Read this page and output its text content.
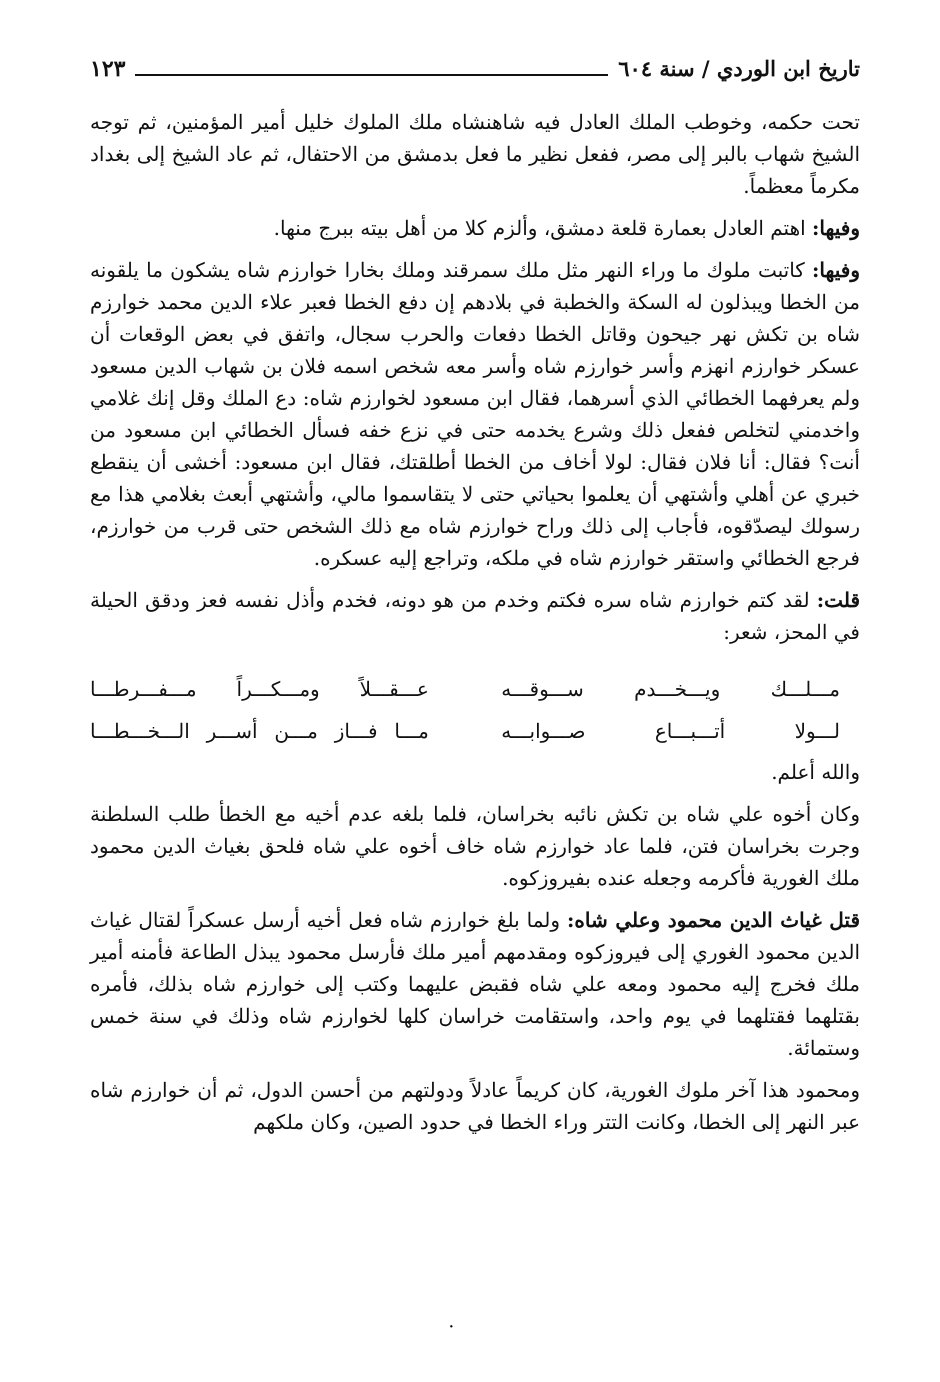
تاريخ ابن الوردي / سنة ٦٠٤
١٢٣

تحت حكمه، وخوطب الملك العادل فيه شاهنشاه ملك الملوك خليل أمير المؤمنين، ثم توجه الشيخ شهاب بالبر إلى مصر، ففعل نظير ما فعل بدمشق من الاحتفال، ثم عاد الشيخ إلى بغداد مكرماً معظماً.

وفيها: اهتم العادل بعمارة قلعة دمشق، وألزم كلا من أهل بيته ببرج منها.

وفيها: كاتبت ملوك ما وراء النهر مثل ملك سمرقند وملك بخارا خوارزم شاه يشكون ما يلقونه من الخطا ويبذلون له السكة والخطبة في بلادهم إن دفع الخطا فعبر علاء الدين محمد خوارزم شاه بن تكش نهر جيحون وقاتل الخطا دفعات والحرب سجال، واتفق في بعض الوقعات أن عسكر خوارزم انهزم وأسر خوارزم شاه وأسر معه شخص اسمه فلان بن شهاب الدين مسعود ولم يعرفهما الخطائي الذي أسرهما، فقال ابن مسعود لخوارزم شاه: دع الملك وقل إنك غلامي واخدمني لتخلص ففعل ذلك وشرع يخدمه حتى في نزع خفه فسأل الخطائي ابن مسعود من أنت؟ فقال: أنا فلان فقال: لولا أخاف من الخطا أطلقتك، فقال ابن مسعود: أخشى أن ينقطع خبري عن أهلي وأشتهي أن يعلموا بحياتي حتى لا يتقاسموا مالي، وأشتهي أبعث بغلامي هذا مع رسولك ليصدّقوه، فأجاب إلى ذلك وراح خوارزم شاه مع ذلك الشخص حتى قرب من خوارزم، فرجع الخطائي واستقر خوارزم شاه في ملكه، وتراجع إليه عسكره.

قلت: لقد كتم خوارزم شاه سره فكتم وخدم من هو دونه، فخدم وأذل نفسه فعز ودقق الحيلة في المحز، شعر:

مـــلـــك ويـــخـــدم ســـوقـــه
عـــقـــلاً ومـــكـــراً مـــفـــرطـــا
لـــولا أتـــبـــاع صـــوابـــه
مـــا فـــاز مـــن أســـر الـــخـــطـــا
والله أعلم.

وكان أخوه علي شاه بن تكش نائبه بخراسان، فلما بلغه عدم أخيه مع الخطأ طلب السلطنة وجرت بخراسان فتن، فلما عاد خوارزم شاه خاف أخوه علي شاه فلحق بغياث الدين محمود ملك الغورية فأكرمه وجعله عنده بفيروزكوه.

قتل غياث الدين محمود وعلي شاه: ولما بلغ خوارزم شاه فعل أخيه أرسل عسكراً لقتال غياث الدين محمود الغوري إلى فيروزكوه ومقدمهم أمير ملك فأرسل محمود يبذل الطاعة فأمنه أمير ملك فخرج إليه محمود ومعه علي شاه فقبض عليهما وكتب إلى خوارزم شاه بذلك، فأمره بقتلهما فقتلهما في يوم واحد، واستقامت خراسان كلها لخوارزم شاه وذلك في سنة خمس وستمائة.

ومحمود هذا آخر ملوك الغورية، كان كريماً عادلاً ودولتهم من أحسن الدول، ثم أن خوارزم شاه عبر النهر إلى الخطا، وكانت التتر وراء الخطا في حدود الصين، وكان ملكهم

·
